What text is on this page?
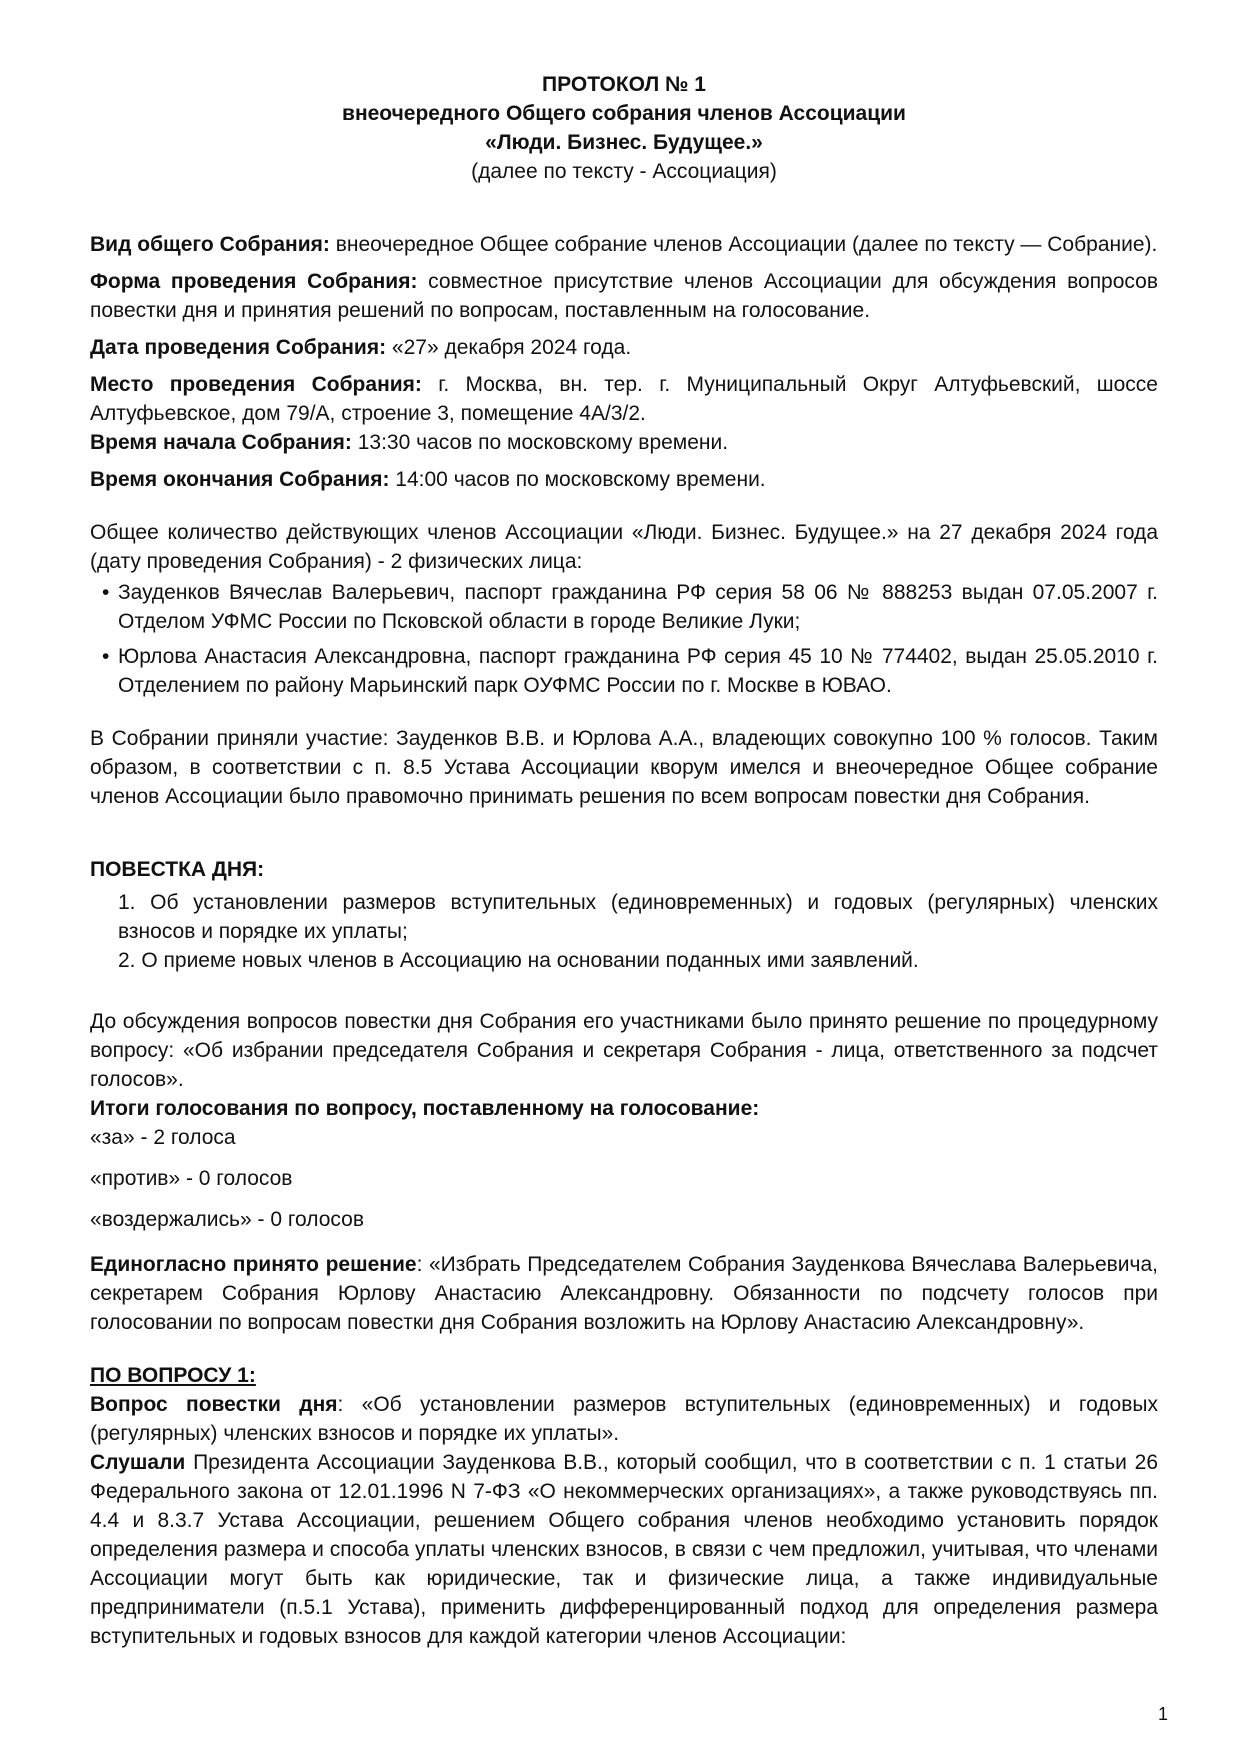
ПРОТОКОЛ № 1
внеочередного Общего собрания членов Ассоциации
«Люди. Бизнес. Будущее.»
(далее по тексту - Ассоциация)

Вид общего Собрания: внеочередное Общее собрание членов Ассоциации (далее по тексту — Собрание).

Форма проведения Собрания: совместное присутствие членов Ассоциации для обсуждения вопросов повестки дня и принятия решений по вопросам, поставленным на голосование.

Дата проведения Собрания: «27» декабря 2024 года.

Место проведения Собрания: г. Москва, вн. тер. г. Муниципальный Округ Алтуфьевский, шоссе Алтуфьевское, дом 79/А, строение 3, помещение 4А/3/2.

Время начала Собрания: 13:30 часов по московскому времени.

Время окончания Собрания: 14:00 часов по московскому времени.

Общее количество действующих членов Ассоциации «Люди. Бизнес. Будущее.» на 27 декабря 2024 года (дату проведения Собрания) - 2 физических лица:

• Зауденков Вячеслав Валерьевич, паспорт гражданина РФ серия 58 06 № 888253 выдан 07.05.2007 г. Отделом УФМС России по Псковской области в городе Великие Луки;
• Юрлова Анастасия Александровна, паспорт гражданина РФ серия 45 10 № 774402, выдан 25.05.2010 г. Отделением по району Марьинский парк ОУФМС России по г. Москве в ЮВАО.

В Собрании приняли участие: Зауденков В.В. и Юрлова А.А., владеющих совокупно 100 % голосов. Таким образом, в соответствии с п. 8.5 Устава Ассоциации кворум имелся и внеочередное Общее собрание членов Ассоциации было правомочно принимать решения по всем вопросам повестки дня Собрания.

ПОВЕСТКА ДНЯ:

1. Об установлении размеров вступительных (единовременных) и годовых (регулярных) членских взносов и порядке их уплаты;
2. О приеме новых членов в Ассоциацию на основании поданных ими заявлений.

До обсуждения вопросов повестки дня Собрания его участниками было принято решение по процедурному вопросу: «Об избрании председателя Собрания и секретаря Собрания - лица, ответственного за подсчет голосов».

Итоги голосования по вопросу, поставленному на голосование:

«за» - 2 голоса

«против» - 0 голосов

«воздержались» - 0 голосов

Единогласно принято решение: «Избрать Председателем Собрания Зауденкова Вячеслава Валерьевича, секретарем Собрания Юрлову Анастасию Александровну. Обязанности по подсчету голосов при голосовании по вопросам повестки дня Собрания возложить на Юрлову Анастасию Александровну».

ПО ВОПРОСУ 1:

Вопрос повестки дня: «Об установлении размеров вступительных (единовременных) и годовых (регулярных) членских взносов и порядке их уплаты».

Слушали Президента Ассоциации Зауденкова В.В., который сообщил, что в соответствии с п. 1 статьи 26 Федерального закона от 12.01.1996 N 7-ФЗ «О некоммерческих организациях», а также руководствуясь пп. 4.4 и 8.3.7 Устава Ассоциации, решением Общего собрания членов необходимо установить порядок определения размера и способа уплаты членских взносов, в связи с чем предложил, учитывая, что членами Ассоциации могут быть как юридические, так и физические лица, а также индивидуальные предприниматели (п.5.1 Устава), применить дифференцированный подход для определения размера вступительных и годовых взносов для каждой категории членов Ассоциации:

1
